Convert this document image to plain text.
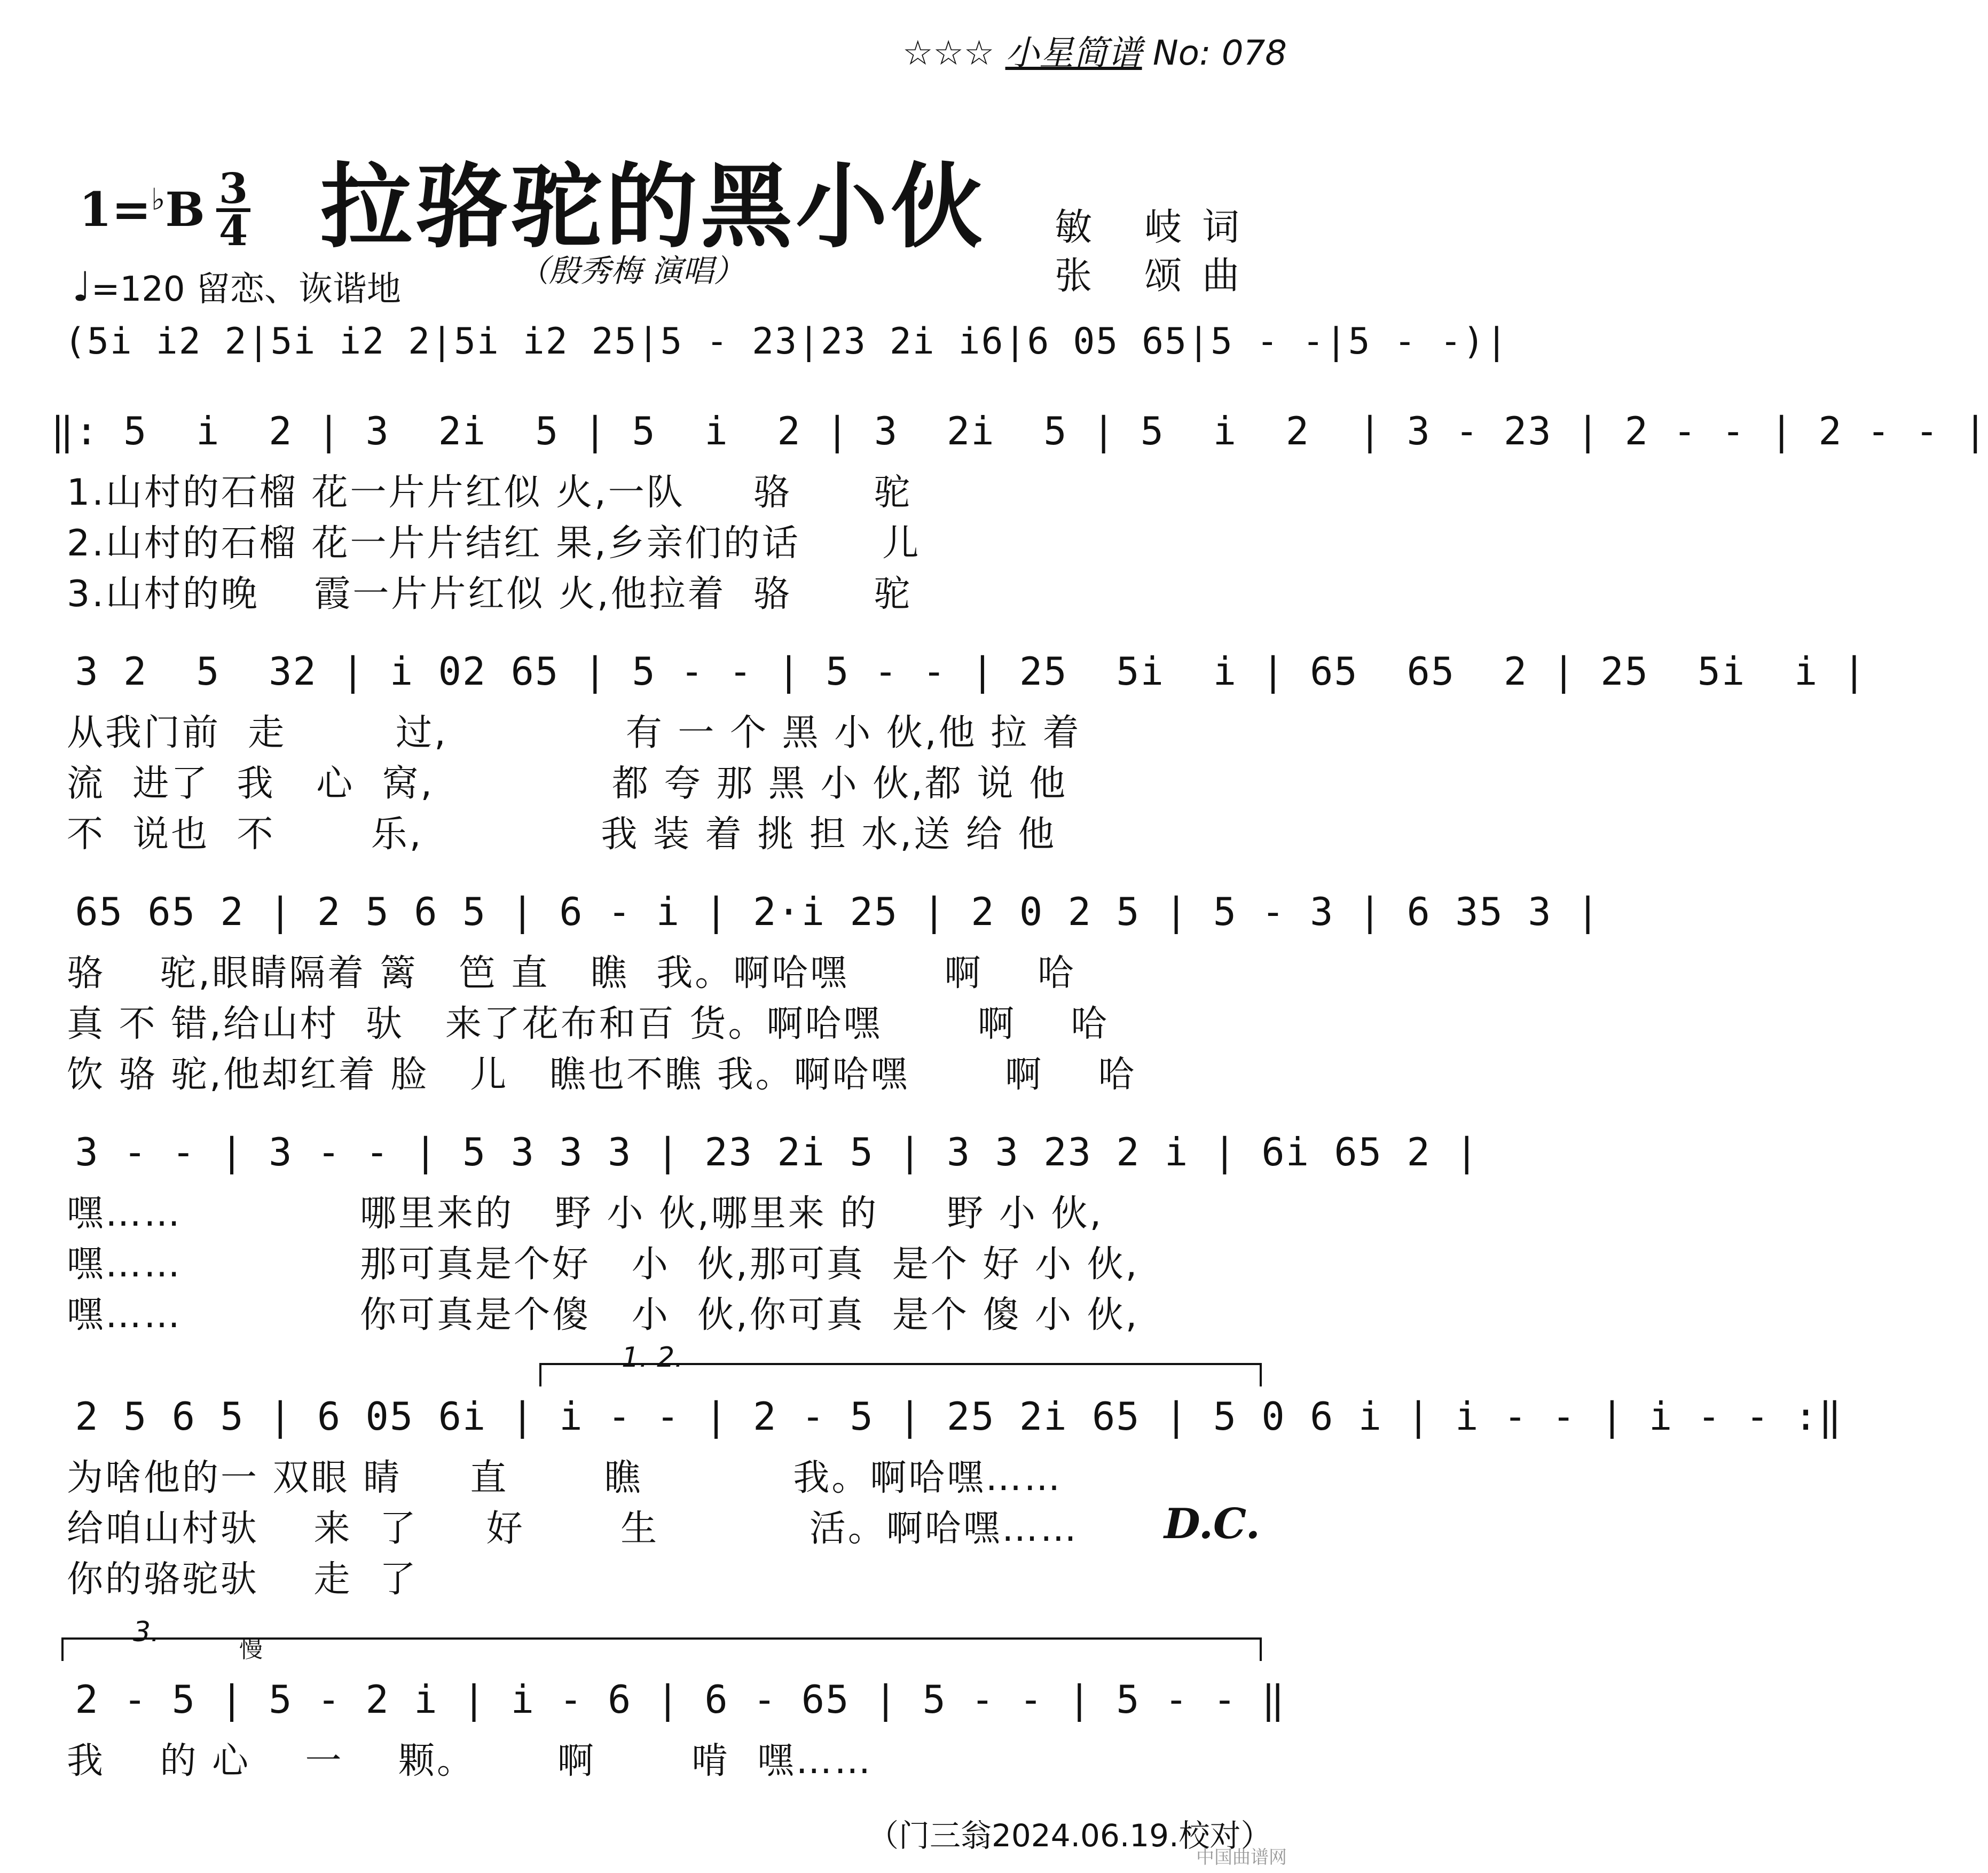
☆☆☆ 小星简谱 No: 078
1=♭B 3
4 拉骆驼的黑小伙
（殷秀梅 演唱）
敏 岐词
张 颂曲
♩=120 留恋、诙谐地
(5i i2 2|5i i2 2|5i i2 25|5 - 23|23 2i i6|6 05 65|5 - -|5 - -)|
‖: 5  i  2 | 3  2i  5 | 5  i  2 | 3  2i  5 | 5  i  2  | 3 - 23 | 2 - - | 2 - - |
1.山村的石榴 花一片片红似 火,一队     骆      驼
2.山村的石榴 花一片片结红 果,乡亲们的话      儿
3.山村的晚    霞一片片红似 火,他拉着  骆      驼
3 2  5  32 | i 02 65 | 5 - - | 5 - - | 25  5i  i | 65  65  2 | 25  5i  i |
从我门前  走        过,             有 一 个 黑 小 伙,他 拉 着
流  进了  我   心  窝,             都 夸 那 黑 小 伙,都 说 他
不  说也  不       乐,             我 装 着 挑 担 水,送 给 他
65 65 2 | 2 5 6 5 | 6 - i | 2·i 25 | 2 0 2 5 | 5 - 3 | 6 35 3 |
骆    驼,眼睛隔着 篱   笆 直   瞧  我。啊哈嘿       啊    哈
真 不 错,给山村  驮   来了花布和百 货。啊哈嘿       啊    哈
饮 骆 驼,他却红着 脸   儿   瞧也不瞧 我。啊哈嘿       啊    哈
3 - - | 3 - - | 5 3 3 3 | 23 2i 5 | 3 3 23 2 i | 6i 65 2 |
嘿……             哪里来的   野 小 伙,哪里来 的     野 小 伙,
嘿……             那可真是个好   小  伙,那可真  是个 好 小 伙,
嘿……             你可真是个傻   小  伙,你可真  是个 傻 小 伙,
1. 2.
2 5 6 5 | 6 05 6i | i - - | 2 - 5 | 25 2i 65 | 5 0 6 i | i - - | i - - :‖
为啥他的一 双眼 睛     直       瞧           我。啊哈嘿……
给咱山村驮    来  了     好       生           活。啊哈嘿……
你的骆驼驮    走  了
D.C.
3.
慢
2 - 5 | 5 - 2 i | i - 6 | 6 - 65 | 5 - - | 5 - - ‖
我    的 心    一    颗。      啊       啃  嘿……
（门三翁2024.06.19.校对）
中国曲谱网
